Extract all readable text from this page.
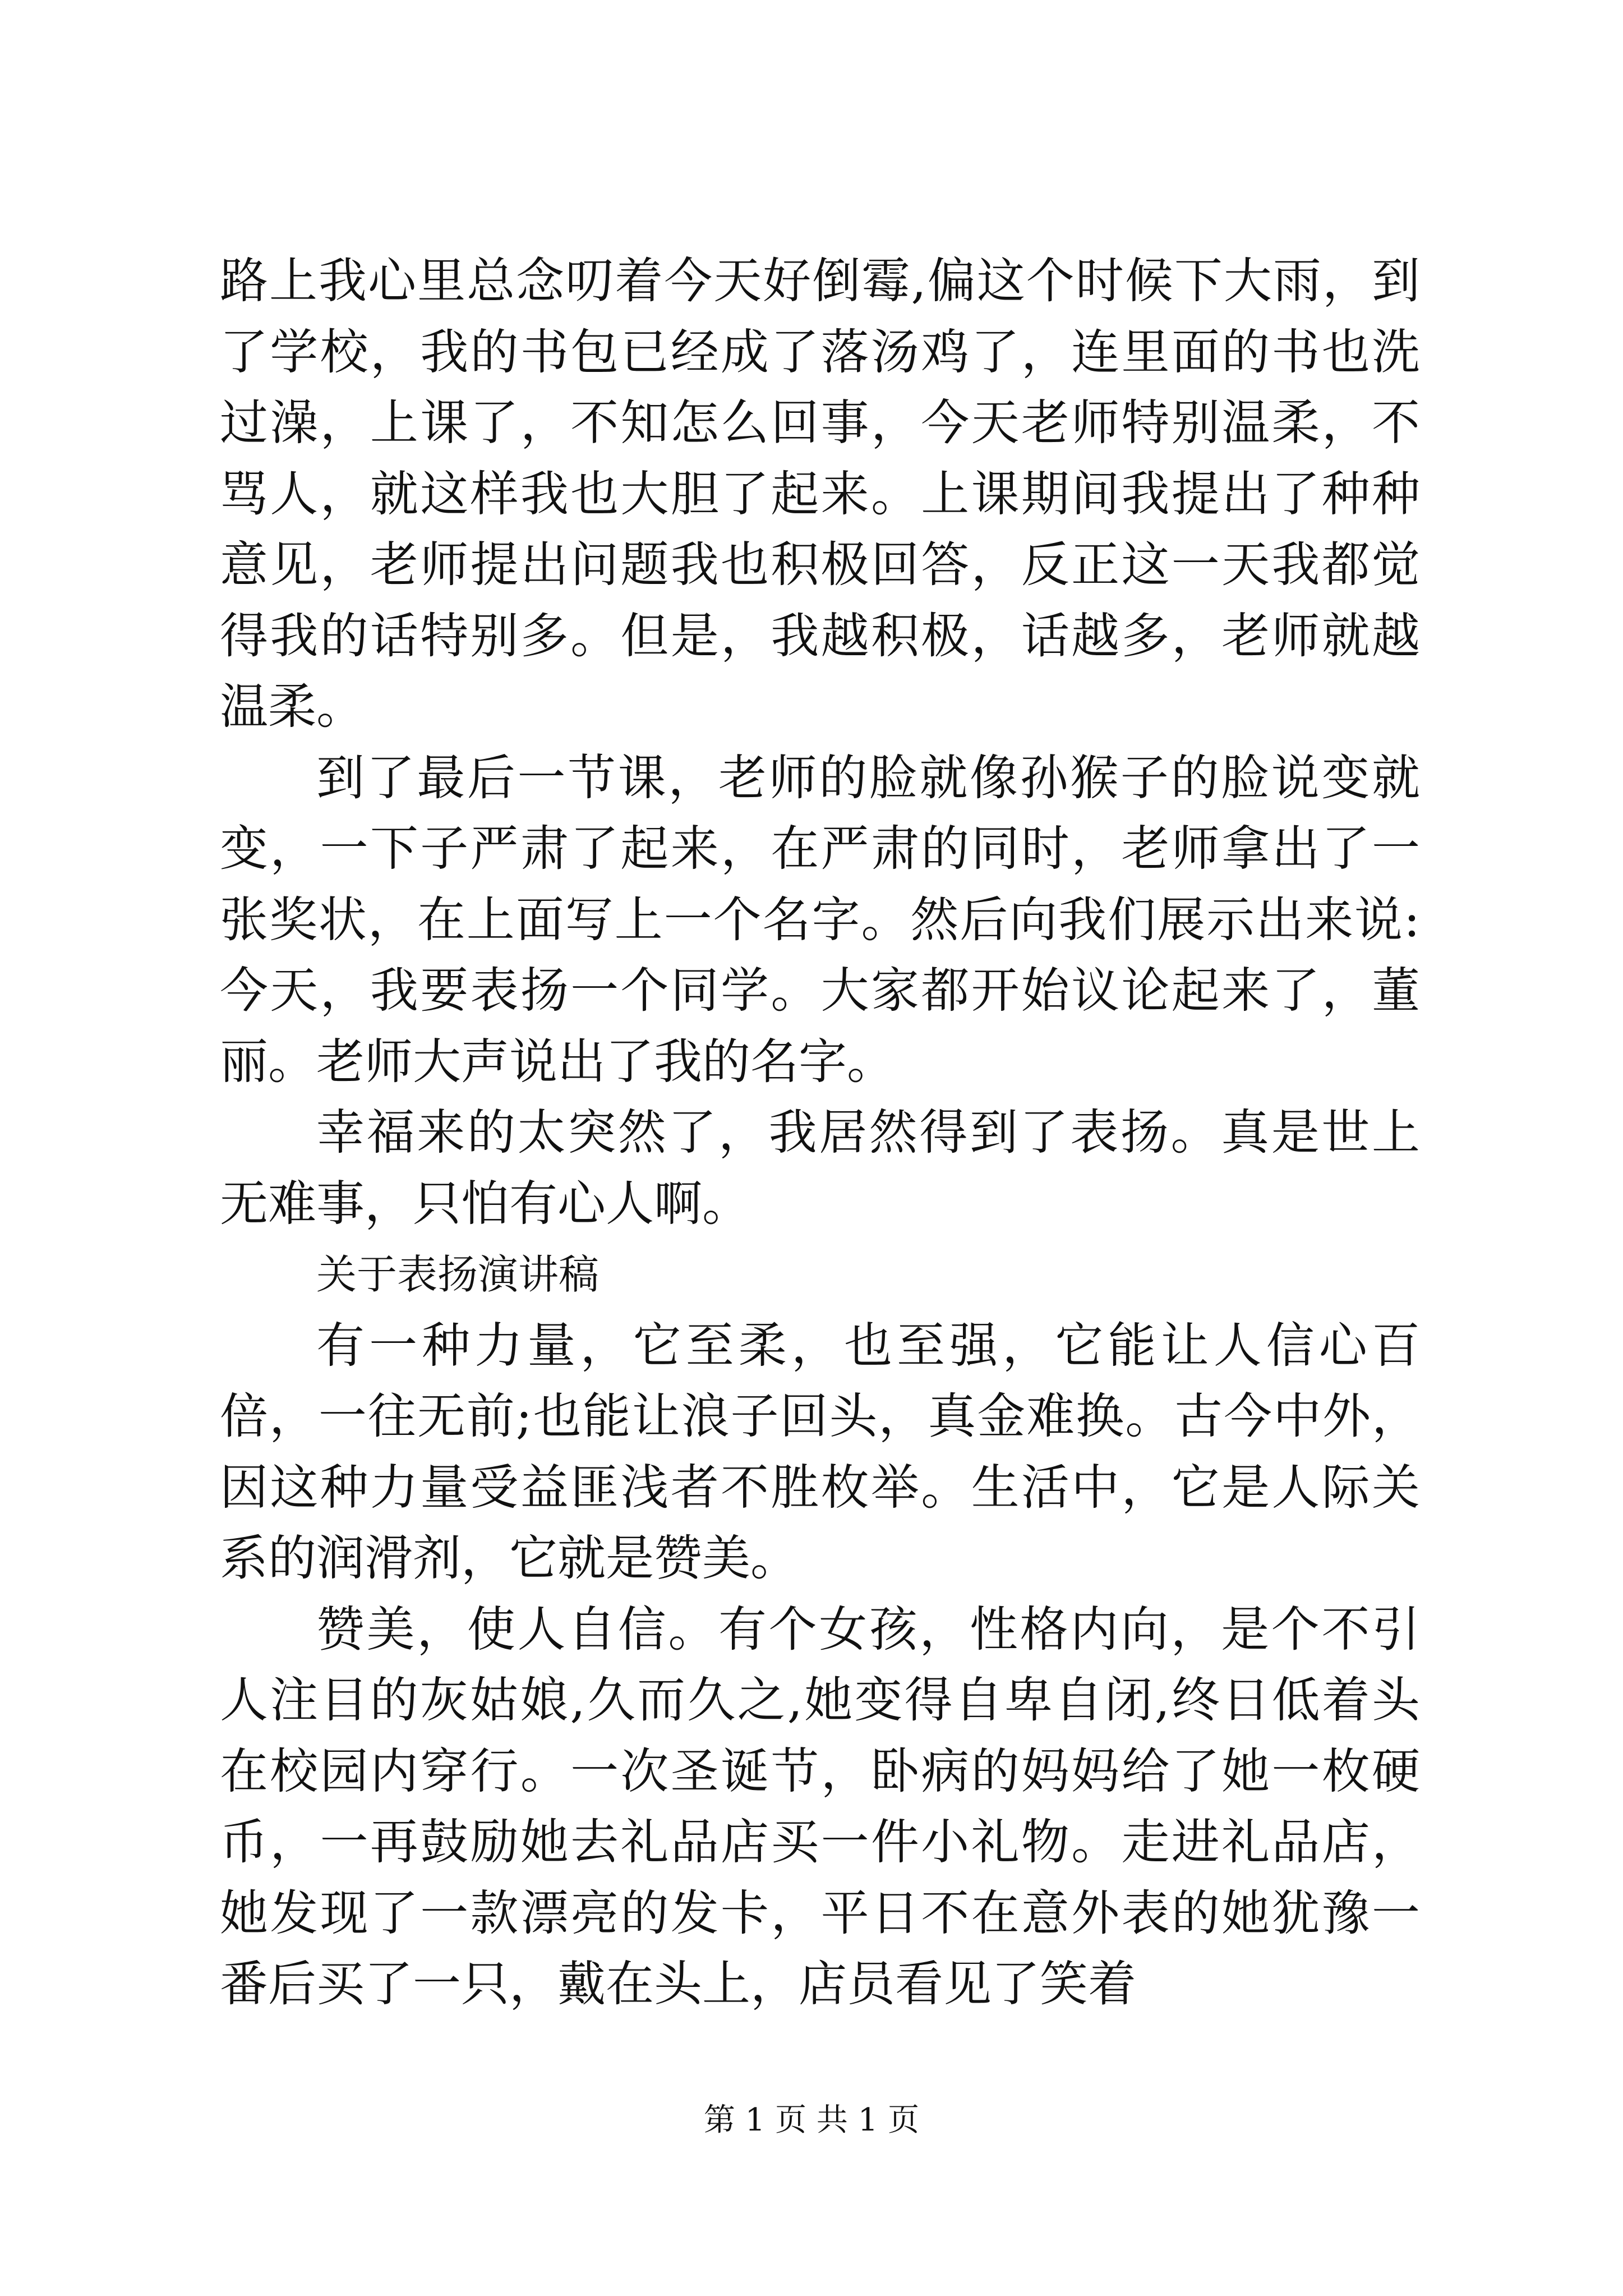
路上我心里总念叨着今天好倒霉,偏这个时候下大雨，到了学校，我的书包已经成了落汤鸡了，连里面的书也洗过澡，上课了，不知怎么回事，今天老师特别温柔，不骂人，就这样我也大胆了起来。上课期间我提出了种种意见，老师提出问题我也积极回答，反正这一天我都觉得我的话特别多。但是，我越积极，话越多，老师就越温柔。

到了最后一节课，老师的脸就像孙猴子的脸说变就变，一下子严肃了起来，在严肃的同时，老师拿出了一张奖状，在上面写上一个名字。然后向我们展示出来说:今天，我要表扬一个同学。大家都开始议论起来了，董丽。老师大声说出了我的名字。

幸福来的太突然了，我居然得到了表扬。真是世上无难事，只怕有心人啊。

关于表扬演讲稿

有一种力量，它至柔，也至强，它能让人信心百倍，一往无前;也能让浪子回头，真金难换。古今中外，因这种力量受益匪浅者不胜枚举。生活中，它是人际关系的润滑剂，它就是赞美。

赞美，使人自信。有个女孩，性格内向，是个不引人注目的灰姑娘,久而久之,她变得自卑自闭,终日低着头在校园内穿行。一次圣诞节，卧病的妈妈给了她一枚硬币，一再鼓励她去礼品店买一件小礼物。走进礼品店，她发现了一款漂亮的发卡，平日不在意外表的她犹豫一番后买了一只，戴在头上，店员看见了笑着

第 1 页 共 1 页
